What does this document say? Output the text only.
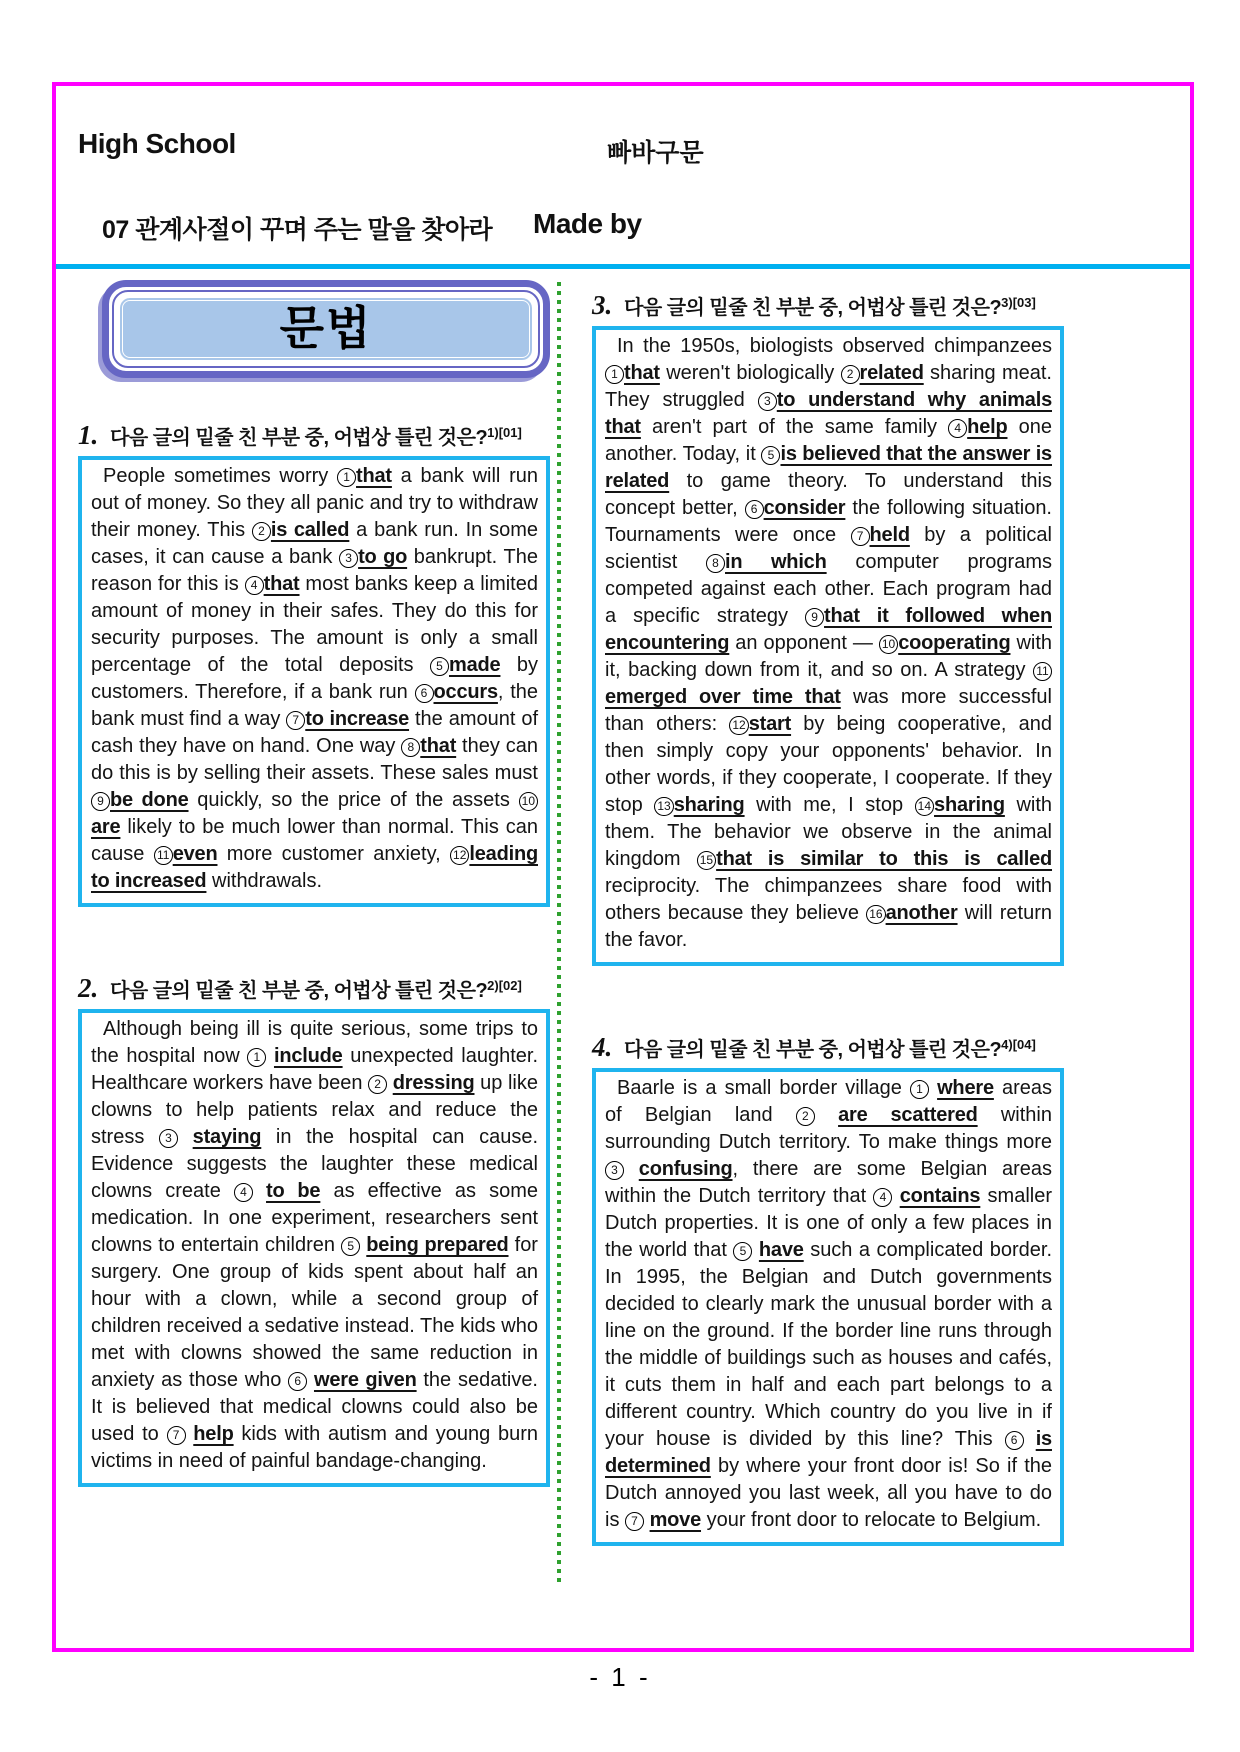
High School	빠바구문
07 관계사절이 꾸며 주는 말을 찾아라 Made by
문법
1. 다음 글의 밑줄 친 부분 중, 어법상 틀린 것은?$^{1)[01]}$
People sometimes worry 1 that a bank will run out of money. So they all panic and try to withdraw their money. This 2 is called a bank run. In some cases, it can cause a bank 3 to go bankrupt. The reason for this is 4 that most banks keep a limited amount of money in their safes. They do this for security purposes. The amount is only a small percentage of the total deposits 5 made by customers. Therefore, if a bank run 6 occurs, the bank must find a way 7 to increase the amount of cash they have on hand. One way 8 that they can do this is by selling their assets. These sales must 9 be done quickly, so the price of the assets 10are likely to be much lower than normal. This can cause 11 even more customer anxiety, 12 leading to increased withdrawals.
2. 다음 글의 밑줄 친 부분 중, 어법상 틀린 것은?$^{2)[02]}$
Although being ill is quite serious, some trips to the hospital now 1 include unexpected laughter. Healthcare workers have been 2 dressing up like clowns to help patients relax and reduce the stress 3 staying in the hospital can cause. Evidence suggests the laughter these medical clowns create 4 to be as effective as some medication. In one experiment, researchers sent clowns to entertain children 5 being prepared for surgery. One group of kids spent about half an hour with a clown, while a second group of children received a sedative instead. The kids who met with clowns showed the same reduction in anxiety as those who 6 were given the sedative. It is believed that medical clowns could also be used to 7 help kids with autism and young burn victims in need of painful bandage-changing.
3. 다음 글의 밑줄 친 부분 중, 어법상 틀린 것은?$^{3)[03]}$
In the 1950s, biologists observed chimpanzees 1 that weren't biologically 2 related sharing meat. They struggled 3 to understand why animals that aren't part of the same family 4 help one another. Today, it 5 is believed that the answer is related to game theory. To understand this concept better, 6 consider the following situation. Tournaments were once 7 held by a political scientist 8 in which computer programs competed against each other. Each program had a specific strategy 9 that it followed when encountering an opponent — 10 cooperating with it, backing down from it, and so on. A strategy 11emerged over time that was more successful than others: 12 start by being cooperative, and then simply copy your opponents' behavior. In other words, if they cooperate, I cooperate. If they stop 13 sharing with me, I stop 14 sharing with them. The behavior we observe in the animal kingdom 15 that is similar to this is called reciprocity. The chimpanzees share food with others because they believe 16 another will return the favor.
4. 다음 글의 밑줄 친 부분 중, 어법상 틀린 것은?$^{4)[04]}$
Baarle is a small border village 1 where areas of Belgian land 2 are scattered within surrounding Dutch territory. To make things more 3 confusing, there are some Belgian areas within the Dutch territory that 4 contains smaller Dutch properties. It is one of only a few places in the world that 5 have such a complicated border. In 1995, the Belgian and Dutch governments decided to clearly mark the unusual border with a line on the ground. If the border line runs through the middle of buildings such as houses and cafés, it cuts them in half and each part belongs to a different country. Which country do you live in if your house is divided by this line? This 6 is determined by where your front door is! So if the Dutch annoyed you last week, all you have to do is 7 move your front door to relocate to Belgium.
- 1 -
